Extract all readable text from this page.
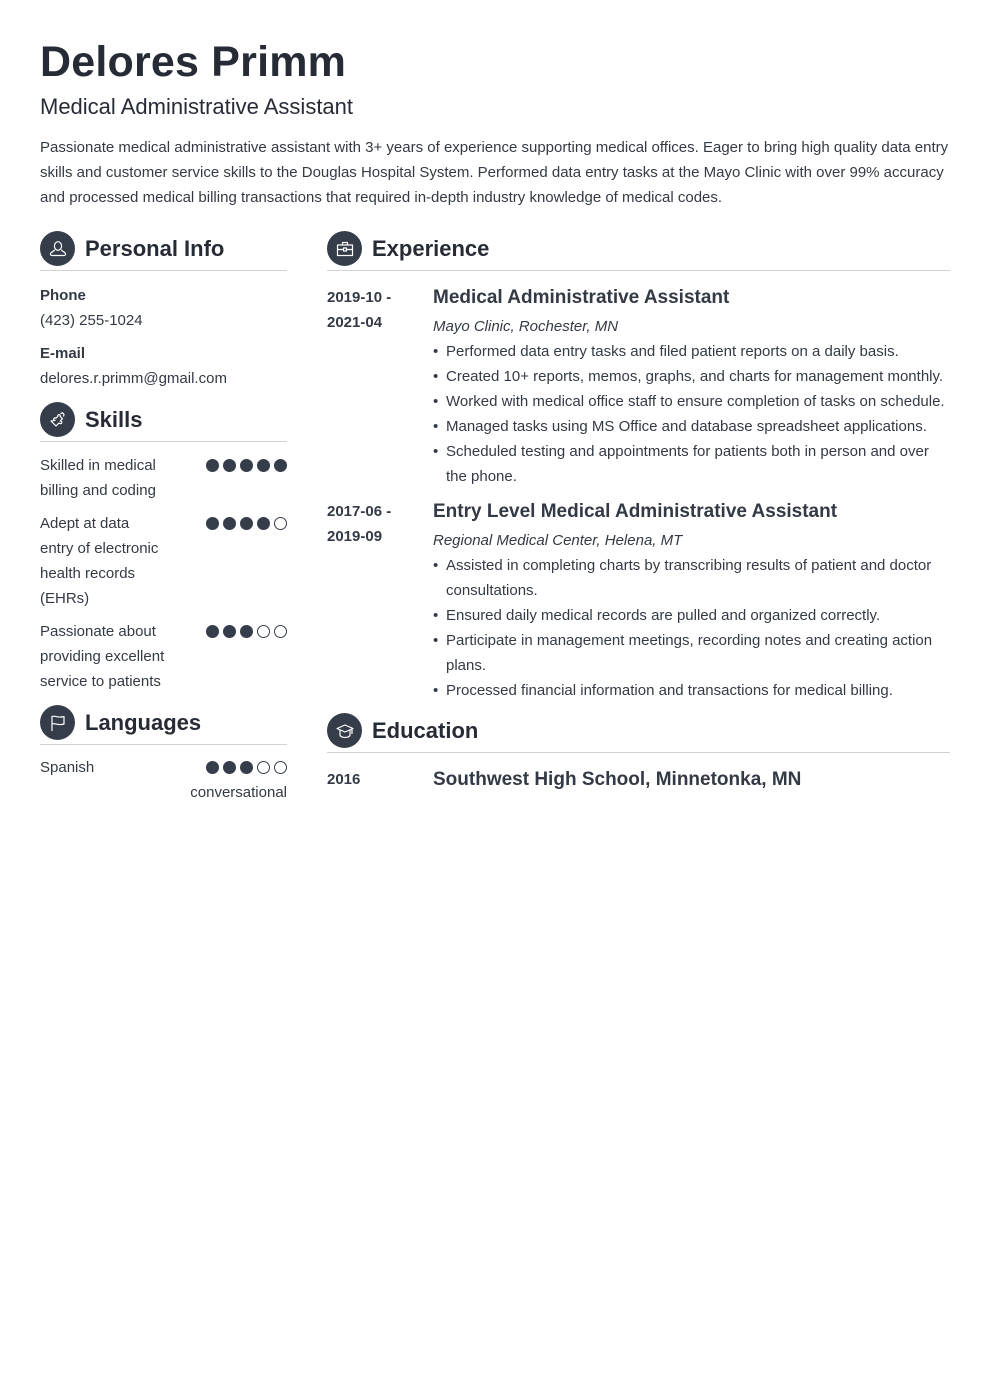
Delores Primm
Medical Administrative Assistant

Passionate medical administrative assistant with 3+ years of experience supporting medical offices. Eager to bring high quality data entry skills and customer service skills to the Douglas Hospital System. Performed data entry tasks at the Mayo Clinic with over 99% accuracy and processed medical billing transactions that required in-depth industry knowledge of medical codes.

Personal Info
Phone
(423) 255-1024
E-mail
delores.r.primm@gmail.com
Skills
Skilled in medical billing and coding
Adept at data entry of electronic health records (EHRs)
Passionate about providing excellent service to patients
Languages
Spanish
conversational
Experience
2019-10 -
2021-04
Medical Administrative Assistant
Mayo Clinic, Rochester, MN
• Performed data entry tasks and filed patient reports on a daily basis.
• Created 10+ reports, memos, graphs, and charts for management monthly.
• Worked with medical office staff to ensure completion of tasks on schedule.
• Managed tasks using MS Office and database spreadsheet applications.
• Scheduled testing and appointments for patients both in person and over the phone.
2017-06 -
2019-09
Entry Level Medical Administrative Assistant
Regional Medical Center, Helena, MT
• Assisted in completing charts by transcribing results of patient and doctor consultations.
• Ensured daily medical records are pulled and organized correctly.
• Participate in management meetings, recording notes and creating action plans.
• Processed financial information and transactions for medical billing.
Education
2016	Southwest High School, Minnetonka, MN
